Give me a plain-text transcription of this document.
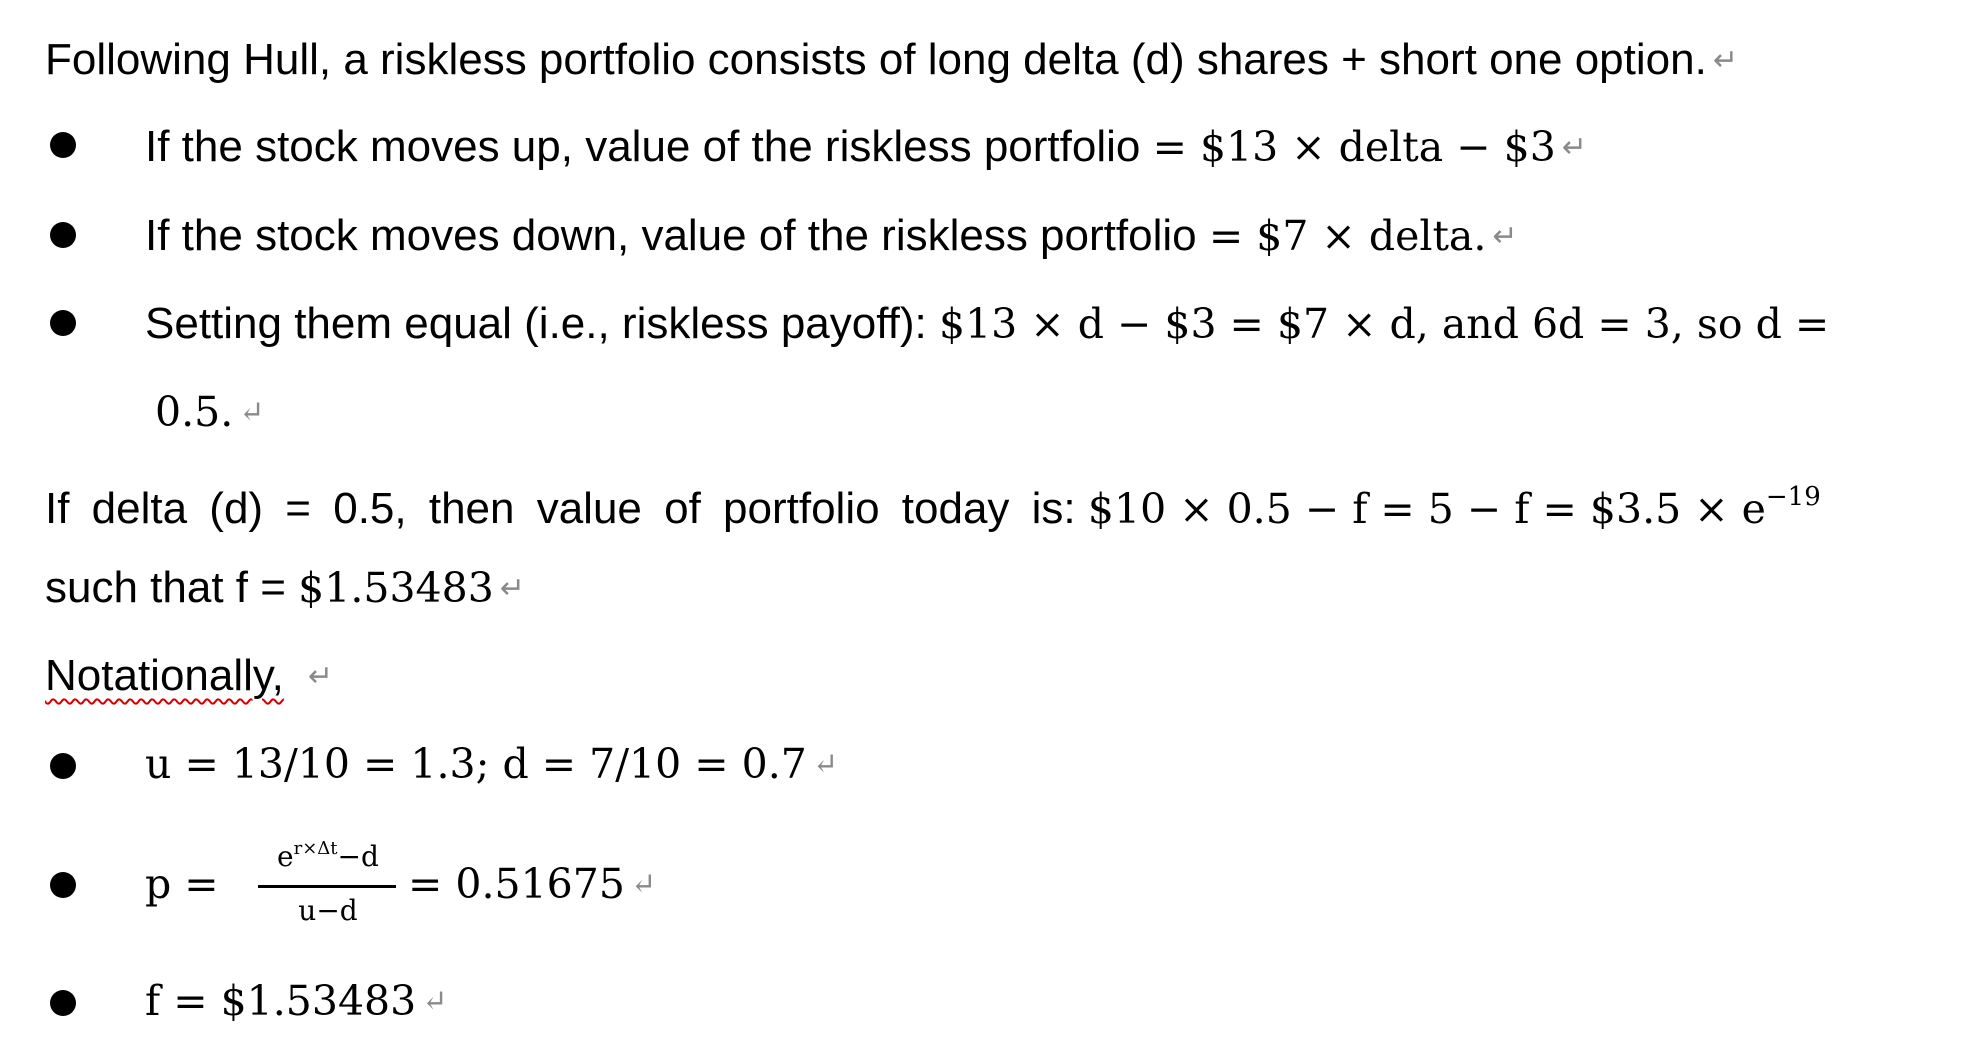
Following Hull, a riskless portfolio consists of long delta (d) shares + short one option. ↵
If the stock moves up, value of the riskless portfolio = $13 × delta − $3 ↵
If the stock moves down, value of the riskless portfolio = $7 × delta. ↵
Setting them equal (i.e., riskless payoff): $13 × d − $3 = $7 × d, and 6d = 3, so d =
0.5. ↵
If delta (d) = 0.5, then value of portfolio today is: $10 × 0.5 − f = 5 − f = $3.5 × $e^{-19}$
such that f = $1.53483 ↵
Notationally, ↵
u = 13/10 = 1.3; d = 7/10 = 0.7 ↵
p =
$e^{r\times\Delta t}-d$
u−d
= 0.51675 ↵
f = $1.53483 ↵
